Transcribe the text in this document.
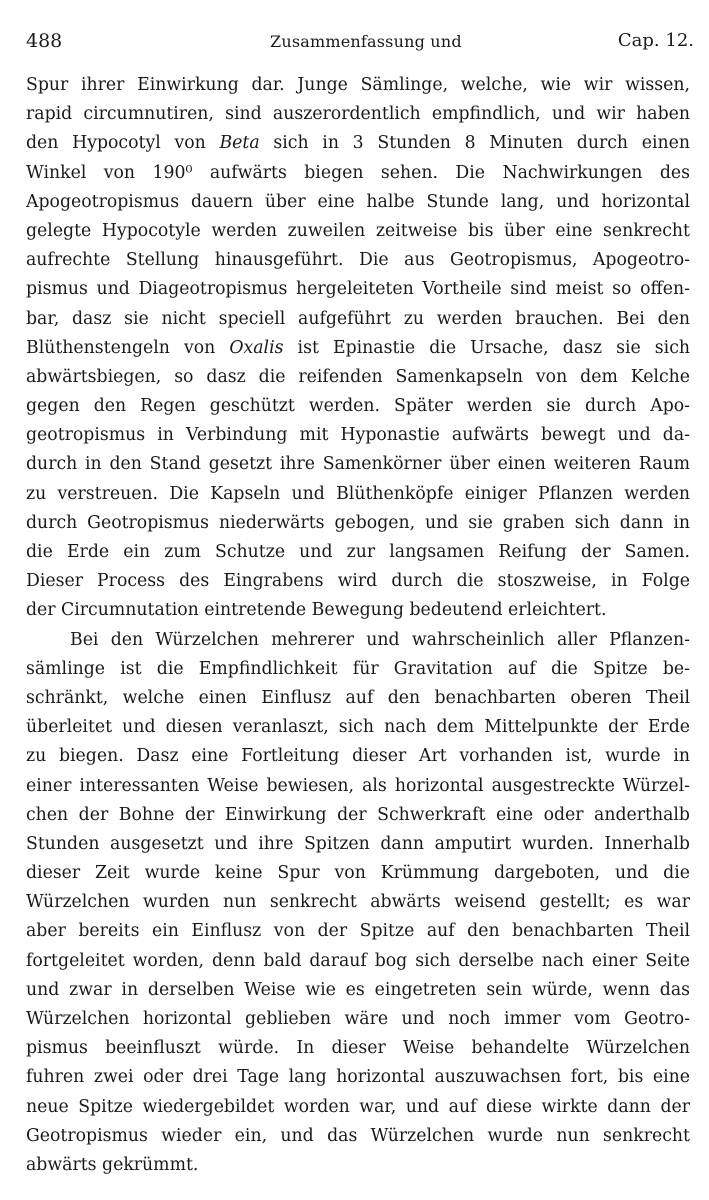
488	Zusammenfassung und	Cap. 12.
Spur ihrer Einwirkung dar. Junge Sämlinge, welche, wie wir wissen,
rapid circumnutiren, sind auszerordentlich empfindlich, und wir haben
den Hypocotyl von Beta sich in 3 Stunden 8 Minuten durch einen
Winkel von 190⁰ aufwärts biegen sehen. Die Nachwirkungen des
Apogeotropismus dauern über eine halbe Stunde lang, und horizontal
gelegte Hypocotyle werden zuweilen zeitweise bis über eine senkrecht
aufrechte Stellung hinausgeführt. Die aus Geotropismus, Apogeotro-
pismus und Diageotropismus hergeleiteten Vortheile sind meist so offen-
bar, dasz sie nicht speciell aufgeführt zu werden brauchen. Bei den
Blüthenstengeln von Oxalis ist Epinastie die Ursache, dasz sie sich
abwärtsbiegen, so dasz die reifenden Samenkapseln von dem Kelche
gegen den Regen geschützt werden. Später werden sie durch Apo-
geotropismus in Verbindung mit Hyponastie aufwärts bewegt und da-
durch in den Stand gesetzt ihre Samenkörner über einen weiteren Raum
zu verstreuen. Die Kapseln und Blüthenköpfe einiger Pflanzen werden
durch Geotropismus niederwärts gebogen, und sie graben sich dann in
die Erde ein zum Schutze und zur langsamen Reifung der Samen.
Dieser Process des Eingrabens wird durch die stoszweise, in Folge
der Circumnutation eintretende Bewegung bedeutend erleichtert.
Bei den Würzelchen mehrerer und wahrscheinlich aller Pflanzen-
sämlinge ist die Empfindlichkeit für Gravitation auf die Spitze be-
schränkt, welche einen Einflusz auf den benachbarten oberen Theil
überleitet und diesen veranlaszt, sich nach dem Mittelpunkte der Erde
zu biegen. Dasz eine Fortleitung dieser Art vorhanden ist, wurde in
einer interessanten Weise bewiesen, als horizontal ausgestreckte Würzel-
chen der Bohne der Einwirkung der Schwerkraft eine oder anderthalb
Stunden ausgesetzt und ihre Spitzen dann amputirt wurden. Innerhalb
dieser Zeit wurde keine Spur von Krümmung dargeboten, und die
Würzelchen wurden nun senkrecht abwärts weisend gestellt; es war
aber bereits ein Einflusz von der Spitze auf den benachbarten Theil
fortgeleitet worden, denn bald darauf bog sich derselbe nach einer Seite
und zwar in derselben Weise wie es eingetreten sein würde, wenn das
Würzelchen horizontal geblieben wäre und noch immer vom Geotro-
pismus beeinfluszt würde. In dieser Weise behandelte Würzelchen
fuhren zwei oder drei Tage lang horizontal auszuwachsen fort, bis eine
neue Spitze wiedergebildet worden war, und auf diese wirkte dann der
Geotropismus wieder ein, und das Würzelchen wurde nun senkrecht
abwärts gekrümmt.
